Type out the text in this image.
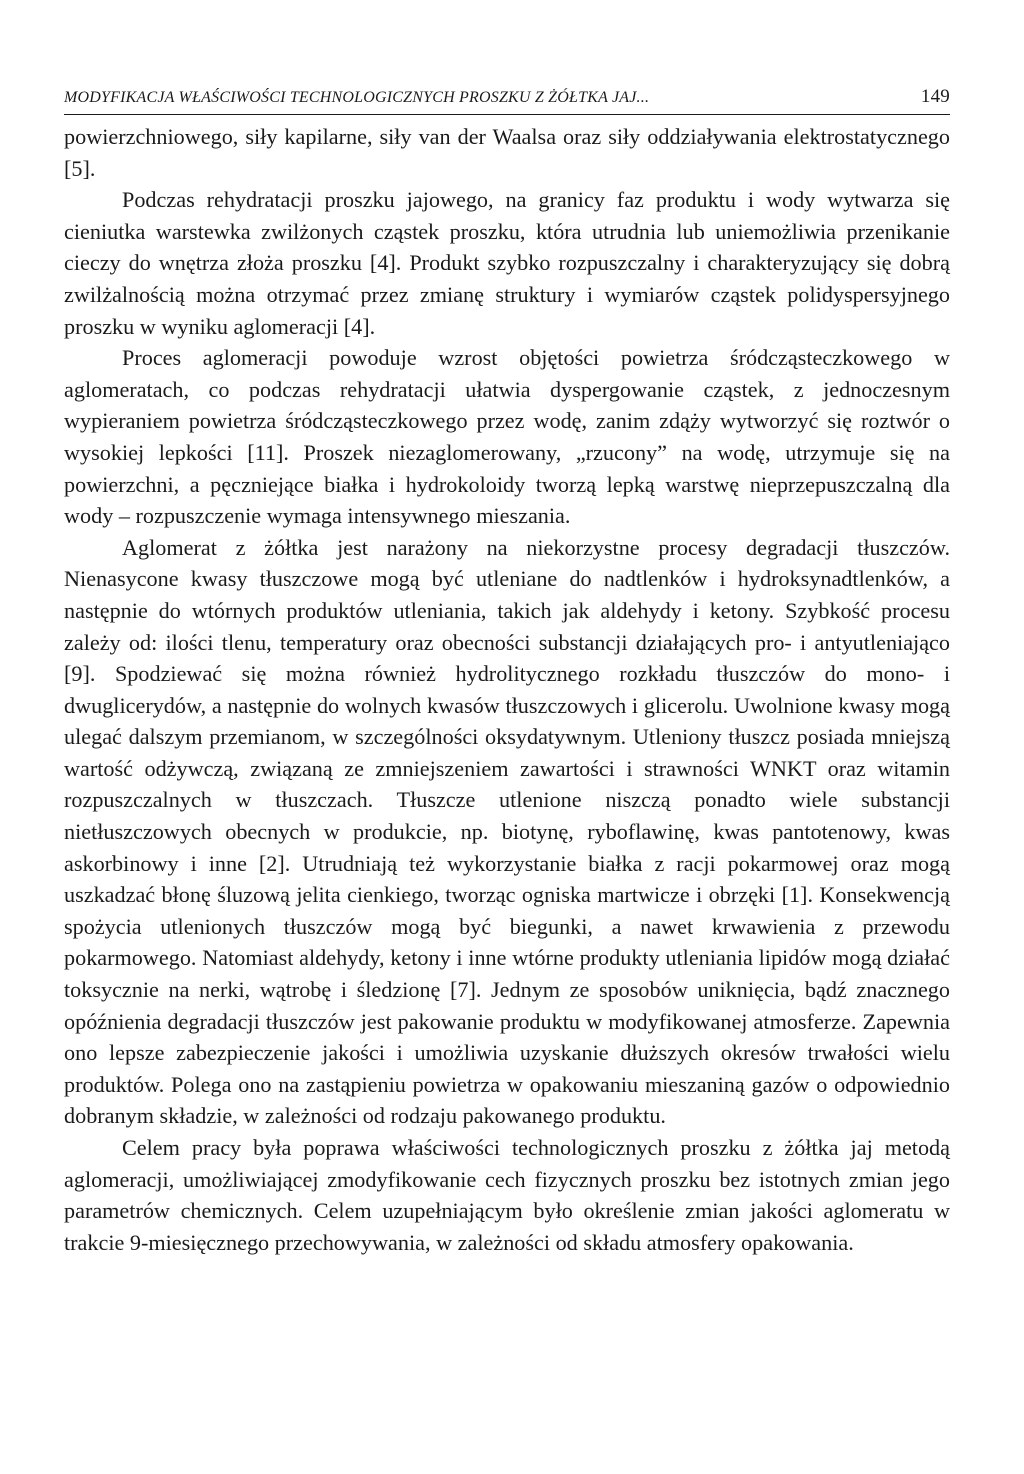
MODYFIKACJA WŁAŚCIWOŚCI TECHNOLOGICZNYCH PROSZKU Z ŻÓŁTKA JAJ...	149

powierzchniowego, siły kapilarne, siły van der Waalsa oraz siły oddziaływania elektrostatycznego [5].

Podczas rehydratacji proszku jajowego, na granicy faz produktu i wody wytwarza się cieniutka warstewka zwilżonych cząstek proszku, która utrudnia lub uniemożliwia przenikanie cieczy do wnętrza złoża proszku [4]. Produkt szybko rozpuszczalny i charakteryzujący się dobrą zwilżalnością można otrzymać przez zmianę struktury i wymiarów cząstek polidyspersyjnego proszku w wyniku aglomeracji [4].

Proces aglomeracji powoduje wzrost objętości powietrza śródcząsteczkowego w aglomeratach, co podczas rehydratacji ułatwia dyspergowanie cząstek, z jednoczesnym wypieraniem powietrza śródcząsteczkowego przez wodę, zanim zdąży wytworzyć się roztwór o wysokiej lepkości [11]. Proszek niezaglomerowany, „rzucony” na wodę, utrzymuje się na powierzchni, a pęczniejące białka i hydrokoloidy tworzą lepką warstwę nieprzepuszczalną dla wody – rozpuszczenie wymaga intensywnego mieszania.

Aglomerat z żółtka jest narażony na niekorzystne procesy degradacji tłuszczów. Nienasycone kwasy tłuszczowe mogą być utleniane do nadtlenków i hydroksynadtlenków, a następnie do wtórnych produktów utleniania, takich jak aldehydy i ketony. Szybkość procesu zależy od: ilości tlenu, temperatury oraz obecności substancji działających pro- i antyutleniająco [9]. Spodziewać się można również hydrolitycznego rozkładu tłuszczów do mono- i dwuglicerydów, a następnie do wolnych kwasów tłuszczowych i glicerolu. Uwolnione kwasy mogą ulegać dalszym przemianom, w szczególności oksydatywnym. Utleniony tłuszcz posiada mniejszą wartość odżywczą, związaną ze zmniejszeniem zawartości i strawności WNKT oraz witamin rozpuszczalnych w tłuszczach. Tłuszcze utlenione niszczą ponadto wiele substancji nietłuszczowych obecnych w produkcie, np. biotynę, ryboflawinę, kwas pantotenowy, kwas askorbinowy i inne [2]. Utrudniają też wykorzystanie białka z racji pokarmowej oraz mogą uszkadzać błonę śluzową jelita cienkiego, tworząc ogniska martwicze i obrzęki [1]. Konsekwencją spożycia utlenionych tłuszczów mogą być biegunki, a nawet krwawienia z przewodu pokarmowego. Natomiast aldehydy, ketony i inne wtórne produkty utleniania lipidów mogą działać toksycznie na nerki, wątrobę i śledzionę [7]. Jednym ze sposobów uniknięcia, bądź znacznego opóźnienia degradacji tłuszczów jest pakowanie produktu w modyfikowanej atmosferze. Zapewnia ono lepsze zabezpieczenie jakości i umożliwia uzyskanie dłuższych okresów trwałości wielu produktów. Polega ono na zastąpieniu powietrza w opakowaniu mieszaniną gazów o odpowiednio dobranym składzie, w zależności od rodzaju pakowanego produktu.

Celem pracy była poprawa właściwości technologicznych proszku z żółtka jaj metodą aglomeracji, umożliwiającej zmodyfikowanie cech fizycznych proszku bez istotnych zmian jego parametrów chemicznych. Celem uzupełniającym było określenie zmian jakości aglomeratu w trakcie 9-miesięcznego przechowywania, w zależności od składu atmosfery opakowania.
